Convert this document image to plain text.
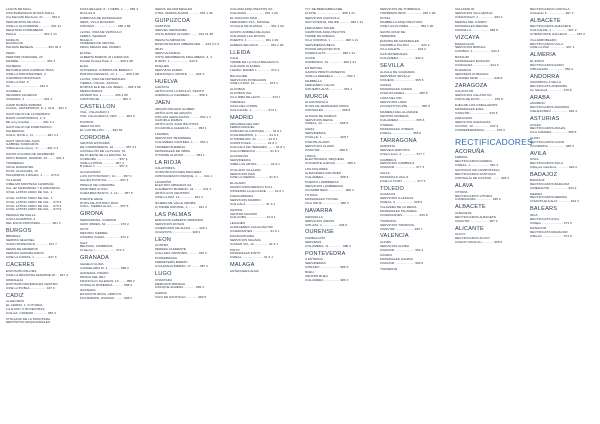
LAGOS DE MALL
OSS BARIZADOS ROSAS MALLL
C/a Marzañil Monforte, 31 ........ 961 6
SERGRUPOS DE MALL
C/DE LA ALCORENSE ............ 961 31
DELETASS FORRABEAR
PAULA ............................. 961 3 13
MARAJS
EGOSQUIS
PALOMA MESÉAN ............... 961 36 3
PERN
PERHIOR NUMANDE, 23
MADREL ............................. 961 3
PALMERA
RETIABLE MAS GARRIGA TRAS
C/DE LA PRINTAMORES, 3
CAROBIAN MONTALES
C/DE LA PAZ, 6
CL ............................... 961 3
GANDELA
SEVARES SILVERAS
C/MAURA, 3 .................... 961 3
CAMP NOMÁS ARROBA
C/GALL, MATEPOROS, 9, 1, ALN ... 961 3
SANT FELIO DE LA PERRATA
RAMO GUSPNORIDO, 2, 3
DE amy (Lleidá) .............. 961 3 1
SANT FELIO DE FORETAMICO
PALMERAAL
C/ALA, NATE 1, 11 .............. 961 3 4
SANT VENZ DEL ALES
GABRIEL SORRADOS
C/Barcelona (Ayui) - 3 ......... 961 3 1
SANTA COLOMA DE GRAMENET
ORTO BARRO, MONDRI, 16 ........ 961 3
TORREDAN
CRUA DAMANTEN
POTA: ALVACARS, 15
PALVAMRAS 2 BALES, 1 ........ 973 6
VILLAFAM
C/BELMO MONTESA CAMPANÍA
C/a. del MARIANDEL Y E ANDANOAL
C/VAL LATINO ANDO DE VAL, 1
C/VAL LATINO ANDO DE VAL, 1
C/VAL LATINO ANDO DE VAL ... 973 9
C/VAL LATINO ANDO DE VAL ... 973 9
C/VAL LATINO ANDO DE VAL ... 973 9
PEDRAS DE MALLA
C/VILLACAMPOS, 4
DEL ESOS FRONTERA ............ 961 3
BURGOS
BRIMEGA
SERPAS SEGOSEL
C/SAN FRANCISCO ............. 947 7
SEMIS DE ARMEROS
PERNAS SANDRAJANOS
C/DE LA CAMAS, 1 .............. 947 3
CACERES
EXPOSIÓN PALOMA
C/DE LA REVISTRA FENANDE 40 ... 927 3
MORALEJA
EXPOSIÓN MATERIALES CENTRO
C/DE LA POBLA ................. 927 3
CADIZ
ALGECIRAS
EL CERRO, 1, FUTURDA
Lol E PAH. 5 NOVESTRAS
C/ALGA, CODERO .............. 956 3
CHICLANA DE LA FRONTERA
DEPÓSITOS ARQUIANDALES
FUSA REALES 'A', 1 DEBS, 1 ...... 966 4
RULLAS 8
FABRICAS DE MATERIALES
SERA, VILLA ROSARIO
C/ROSAS ........................ 966 4 88
LLOSA, VIRA DE VEHICULO
FEBRA, SERMAR
BULELO
ORDENES DE CRISTAL
PRAG DEMAS DEL ORDRO
ELCHE
ALBERTA BARRIS, M LICENCIAS
Partida Perleta Pata. 1 ....... 966 4 88
ELDA
UNIVERSAL COMPRA DE BERRA C
PARTIDA PERLETA, 13, 1 ........ 966 4 88
LLOSA, VIRA DE MATERIALES
TIERRA, VISUAL, ASOCIA
RORTAS ELE DE LAS INDEX .... 966 4 88
MERCONIRIAS
ADVERTICA, 1 ............. 966 4 88
CARTONAJE ........................ 966 4
CASTELLON
VIAL, VILLAGRAN 1
VIAL VILLAGRAN A, DEP ......... 964 5
PUNDOS
SERIA FAJOS
EL CASTELLON ........ 964 56
CORDOBA
CENTRO ESTRAMA
DE COMPAÑEROS, 16 ............ 957 4 1
CASTELLÓN DE LA PLANA, 51
DE PUENTE DE LA ENCINA, 51
CORDOBA ........................ 957 4
C/DE LA PÑOS ............. 957 4
B (CEAL 1 ......................... 957 4
ALCANVIDOS
LUIS FOTONOSOUY, 12 ....... 957 4
SALIDA PUNTUAL ............. 957 4
PRIEGO DE CORDOBA
MARTINEZ AYUSO
C/ARAMES BANYO, 1, 12 ...... 957 5
PUENTE GENIL
HIJOS DE ANTONIO RUIZ
C/ALL, SIERRA ALGA ........ 957 5
GIRONA
SERRAMONA, GURMAN
GIRO OBRES, 61 ............... 972 2
OLOT
METODO IVERREL
C/MARIA JUANA ................ 972 2
SALT
BELFASA, CIMBRANA
C/Jaume I ...................... 972 2
GRANADA
GEGELO ALIMA
CANDELARIA M, 1 ............. 958 2
GRANADA, PRADO
PRADO DEL REY
FRANCILLO IGLESIAS, 13 ....... 958 2
CONSILIO BOPENDIA ........... 958 2
GRANADA
ESTACIÓN MOVA, ARROYO
FCA BARRIO, ZURRAS ......... 958 2
SERVIL DE MATERIALES
CTRA. MARRA ALMAR ........... 981 1 06
GUIPUZCOA
OARTZUN
SERVIEL SERRAMBA
VISTA MARZO ALCARN ........ 943 31 38
PERALTA AMPARAN
BASKONTALDAS INBERGOEN .... 943 3 0 3
IRUN
SERVI ALMARAS
VISTA ORROBERAS FRALABERA, 3, 4
B IRÚN, 1 .................... 943 6
PASAJES
SERVIANA ZARRA
FRANCISCO, MONTE ........ 943 3
HUELVA
CARTAYA
ARTÍCULOS LA BOULAY, FESITO
AVENIDA LA CARRERA ......... 959 3
JAEN
ARQUÍO PELADO ALABER
ARTÍCULOS DE ARQUÍO
C/PLAZA GERA ALMAS .......... 953 1 1
CAZORLA IDABAS
ARTÍCULOS JUAN BAUTISTA
C/CAZORLA ALEGRAS ......... 953 1
LINARES
SERVICIOS TRASIBERA
C/ALAMEDA CANTERA, 1 ...... 953 1
TORREDONJIMENO
MATERIALES DE OBRA
C/TORRE ALONSO ............. 953 1
LA RIOJA
CALAHORRA
CONSTRUCCIONES PEGUERA
C/PROGRESIVO PARQUE, 1 ...... 941 1
LOGROÑO
ELECTRO ARMADAS SA
C/ALBERTO MORENO, 24 ......... 941 2
ARTÍCULOS CENTROS
C/DE LA PAZ, 14 ............... 941 2
NAJERA DE VALLE ARRIBA
C/TORRE MONTIEL, 1 .......... 941 3
LAS PALMAS
EDIFICIOS ALBERTO ARMANDO
SERVICIOS ROSAS
C/MERCADO DE ALFAS ........ 928 1
C/GAVIOTA ..................... 928 1
LEON
CONTRA
PEREDA CLEMENTE
C/ALLADA JOHANNIS ........... 987 2
PONFERRADA
FERRETERÍA BIERZO
C/GALPANA BIERZO, 17 ........ 987 2
LUGO
CHANTADA
MERCADO BANDAS
C/DUQUE ALMENA ............ 982 4
SARRIA
VIGO DE SANTIAGO ............ 982 5
C/ALAMA ARQUITECTOS SA
C/ALAMAS ................... 961 1 00
EL ANCIANO MAR
FERNANDO FILL, MANUEL
C/CALLE DE ALAMAS ........ 961 1 00
GRUPO ANDREA DE AGUA
C/ALAMAS LAS ROCAS
PUERTO, 1 ................... 961 1 00
ALBENA SELASCO ............ 961 1 00
LLEIDA
CALE
TORRE DE LA VILLA BELMACCA
C/ALAMIO ALFARES
LLEIDA, MARES 1 .............. 973 1
BALAGUER
SERVICIOS PONCANOS
C/DE LA PAZ, 12 ............... 973 1
ALCOBAS
ALCOBAS SAL
C/LA RIBA DE LEON ............ 973 1
TÀRREGA
CASA DEL COSPE
C/ALCALDE, 1 ................. 973 1
MADRID
ARGANDA DEL REY
FERRA MANUEL
C/PRADO ALCANTARA ........ 91 8 1
C/VALDEMORO, 1 ............ 91 8 1
C/TORREJON, 21 ............ 91 8 1
C/MOSTOLES ................. 91 8 1
C/ALCALÁ DE HENARES ........ 91 8 1
C/ALCOBENDAS ............... 91 8 1
ALCORCÓN
SERVIREMAS
C/BELLAS ARTES .............. 91 6 1
COLLADO VILLALBA
SERVICIOS MAS
C/DE LA SIERRA .............. 91 8 1
EL ALAMO
GRUPO PROGRESIVO FULL
C/PRENSA LA ALCALDE ........ 91 8 1
FUENLABRADA
SERVICIOS MADRID
C/ALCALÁ ..................... 91 6 1
GETAFE
CENTRO MAXIMO
C/ALCOBA ..................... 91 6 1
LEGANÉS
ALMACENES CALLE MAYOR
C/CERVANTES .................. 91 6 1
MAJADAHONDA
SERVICIOS MAJADA
C/GRAN VÍA, 12 ............... 91 6 1
PINTO
MATERIALES PINTO
C/REAL ....................... 91 6 1
MALAGA
ANTEQUERA ALMA
T.H. DE BERNABRIGARE
FLIOTE ........................... 968 1 21
SERVICIOS AGRICOLA
SAN VICENTE, FELIPE ........... 968 1 21
FERNANDO SOLER
CAMPOSIS ARQUITECTOS
TORRE DE MIRADA
C/LA CORONA, 1 ............... 968 1 21
SERVIREMAS BEYA
PONCE ARQUITECTOS
C/FERIA ALTA ................. 968 1 21
CIGAR
C/MIRANDA, 31 ............... 968 1 21
ESTEPONA
GARCIA PRIETO ARNESTA
C/DE LA DEEDELA .............. 952 1
MARBELLA
FERNANDO VILLAS
C/PUERTA ALTA ............... 952 1
MURCIA
ALCANTARILLA
HIJOS DE FERNANDO MORA
C/ROSALES ................... 968 8
ALHAMA DE MURCIA
SERVICIOS REINA
C/REAL, 12 .................. 968 6
CIEZA
SERVIREMAS
C/VALLE, 1 ................... 968 7
FUENTE ALAMO
SERVICIOS ALAMO
C/MAYOR .................... 968 5
LORCA
ELECTROMAS, REQUENA
C/VICENTE GARCIA ............ 968 4
LOS DOLORES
ALMACENES DOLORES
C/ALAMEDA ................. 968 5
PUERTO LUMBRERAS
SERVICIOS LUMBRERAS
C/CARRETERA .................. 968 4
TOTANA
MATERIALES TOTANA
C/LA CRUZ ................... 968 4
NAVARRA
ANDOSILLA
SERVICIOS ANDOS
C/PLAZA, 1 ................. 948 6
OURENSE
CARBALLIÑO
SERVIMAS
C/ALAMEDA, 11 .............. 988 2
PONTEVEDRA
A ESTRADA
SERVIREMAS
C/PRADO ..................... 986 5
BUEU
CENTRO BUEU
C/ALAMEDA ................. 986 3
SERVICIOS DE TORRESOL
TORREMOLINOS ................. 952 1 00
HOTEL
MARBELLA ARQUITECTURA
C/DE LAS FLORES ............ 952 1 00
SANTA CRUZ DE
TENERIFE
EUROPA DE MATERIALES
C/RAMBLA PULIDO ............ 922 2
C/LA CALETA .................. 922 2
GAS MATERIALES
C/ALAMEDA ................. 922 2
SEVILLA
ALCALA DE GUADAIRA
SERVIMAS SEVILLA
C/NUEVA ...................... 955 6
CAMAS
MATERIALES CAMAS
C/SANTA MARIA ............... 955 6
LORA DEL RIO
SERVICIOS LORA
C/CONSTITUCIÓN .............. 955 8
MAIRENA DEL ALJARAFE
CENTRO MAIRENA
C/ALAMEDA .................. 955 6
UTRERA
MATERIALES UTRERA
C/REAL ...................... 955 8
TARRAGONA
AMPOSTA
SERVEIS AMPOSTA
C/Sant Joan, 4 ............... 977 7
CAMBRILS
SERVICIOS CAMBRILS
C/MAJOR ...................... 977 3
VALLS
MATERIALS VALLS
C/DE LA CORT ............... 977 6
TOLEDO
ILLESCAS
SERVICIOS ILLESCAS
C/REAL, 5 ................... 925 5
TALAVERA DE LA REINA
MATERIALES TALAVERA
C/CERVANTES ................. 925 8
TORRIJOS
SERVICIOS TORRIJOS
C/MAYOR .................... 925 7
VALENCIA
ALZIRA
SERVICIOS ALZIRA
C/MAJOR ..................... 962 4
GANDIA
MATERIALES GANDIA
C/MAJOR ..................... 962 8
TORRENTE
VALLADOLID
SERVICIOS VALLADOLID
C/SANTIAGO, 1 ................ 983 2
MEDINA DEL CAMPO
MATERIALES MEDINA
C/PADILLA ................... 983 8
VIZCAYA
BARAKALDO
SERVICIOS BIZKAIA
C/ZUBIRI, 1 ................... 944 3
BASAURI
MATERIALES BASAURI
C/NAGUSIA .................. 944 4
DURANGO
SERVIMAS DURANGO
C/ANDRA MARI ................ 946 8
ZARAGOZA
CALATAYUD
SERVICIOS CALATAYUD
C/RÚA DE DATO ............... 976 8
EJEA DE LOS CABALLEROS
MATERIALES EJEA
C/MAYOR .................... 976 6
ZARAGOZA
SERVICIOS ZARAGOZA
C/COSO, 12 ................. 976 3
C/INDEPENDENCIA ............ 976 3
RECTIFICADORES
ACORUÑA
FERROL
RECTIFICADOS FERROL
C/REAL, 1 .................... 981 3
SANTIAGO DE COMPOSTELA
RECTIFICADOS SANTIAGO
C/ROSALÍA DE CASTRO ......... 981 5
ALAVA
VITORIA
RECTIFICADOS VITORIA
C/ZARAGOZA ................. 945 2
ALBACETE
ALBACETE
RECTIFICADOS ALBACETE
C/MAYOR .................... 967 2
ALICANTE
ALCOY
RECTIFICADOS ALCOY
C/SANT NICOLAU ............ 965 5
RECTIFICADOS CASTILLA
C/Alcaraz 5 ................... 967 2
ALBACETE
RECTIFICADOS ALBACETE
C/ALCALDE, 1 ................. 967 2
C/TESIFONTE GALLEGO ......... 967 2
VILLARROBLEDO
RECTIFICADOS VILLA
C/DE LA PAZ ................. 967 1
ALMERIA
EL EJIDO
RECTIFICADOS EJIDO
C/BULEVAR ................. 950 4
ANDORRA
ANDORRA LA VELLA
RECTIFICATS ANDORRA
Av. Meritxell ................ 376 8
ARABA
AMURRIO
RECTIFICADOS AMURRIO
C/ELEXONDO .................. 945 3
ASTURIAS
AVILES
RECTIFICADOS AVILES
C/LA CÁMARA ................. 985 5
GIJON
RECTIFICADOS GIJON
C/CORRIDA .................. 985 3
AVILA
AVILA
RECTIFICADOS AVILA
C/Reyes Católicos ............ 920 2
BADAJOZ
BADAJOZ
RECTIFICADOS BADAJOZ
C/MENACHO ................... 924 2
MERIDA
RECTIFICADOS MERIDA
C/SANTA EULALIA ............. 924 3
BALEARS
INCA
RECTIFICATS INCA
C/Major ....................... 971 5
MANACOR
RECTIFICATS MANACOR
C/Bosch ...................... 971 5
